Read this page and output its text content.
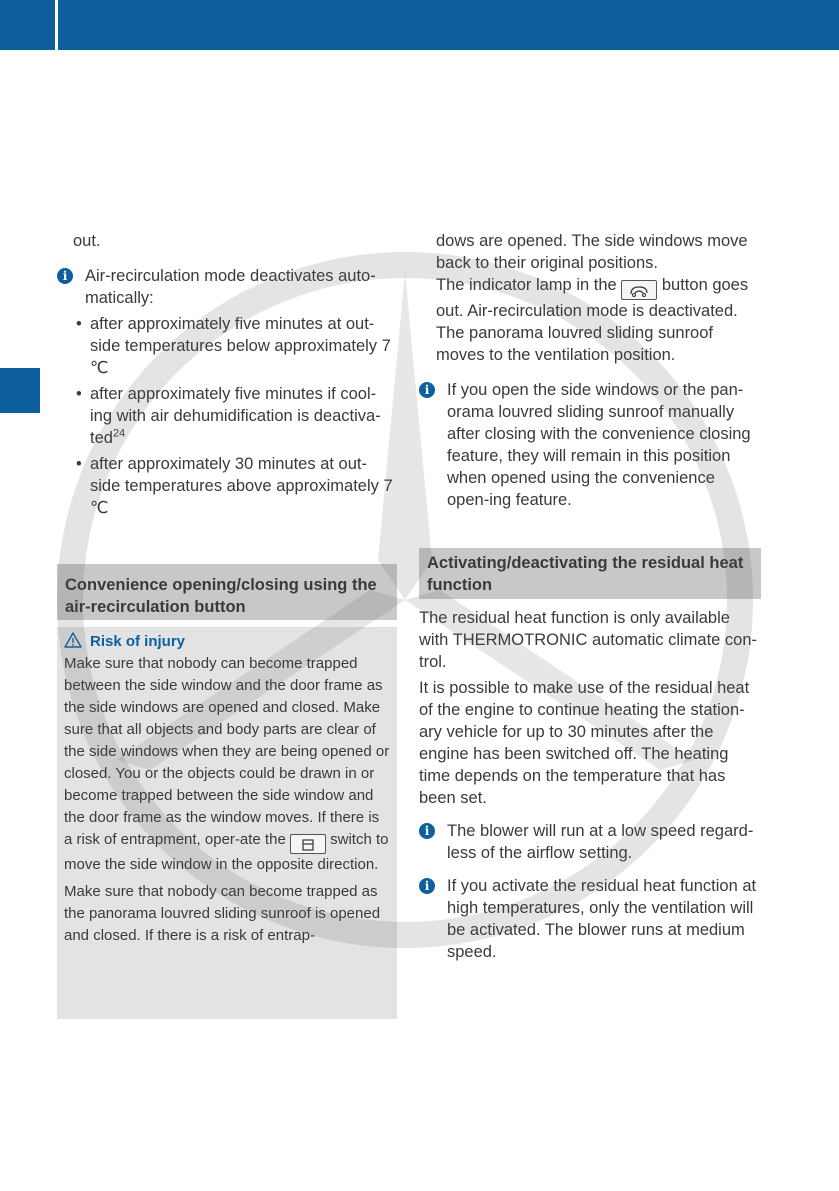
out.

i	Air-recirculation mode deactivates auto-matically:

• after approximately five minutes at out-side temperatures below approximately 7 ℃
• after approximately five minutes if cool-ing with air dehumidification is deactiva-ted$^{24}$
• after approximately 30 minutes at out-side temperatures above approximately 7 ℃
Convenience opening/closing using the air-recirculation button

Risk of injury

Make sure that nobody can become trapped between the side window and the door frame as the side windows are opened and closed. Make sure that all objects and body parts are clear of the side windows when they are being opened or closed. You or the objects could be drawn in or become trapped between the side window and the door frame as the window moves. If there is a risk of entrapment, oper-ate the	switch to move the side window in the opposite direction.

Make sure that nobody can become trapped as the panorama louvred sliding sunroof is opened and closed. If there is a risk of entrap-

dows are opened. The side windows move back to their original positions.

The indicator lamp in the	button goes out. Air-recirculation mode is deactivated.

The panorama louvred sliding sunroof moves to the ventilation position.

i	If you open the side windows or the pan-orama louvred sliding sunroof manually after closing with the convenience closing feature, they will remain in this position when opened using the convenience open-ing feature.

Activating/deactivating the residual heat function

The residual heat function is only available with THERMOTRONIC automatic climate con-trol.

It is possible to make use of the residual heat of the engine to continue heating the station-ary vehicle for up to 30 minutes after the engine has been switched off. The heating time depends on the temperature that has been set.

i	The blower will run at a low speed regard-less of the airflow setting.

i	If you activate the residual heat function at high temperatures, only the ventilation will be activated. The blower runs at medium speed.
